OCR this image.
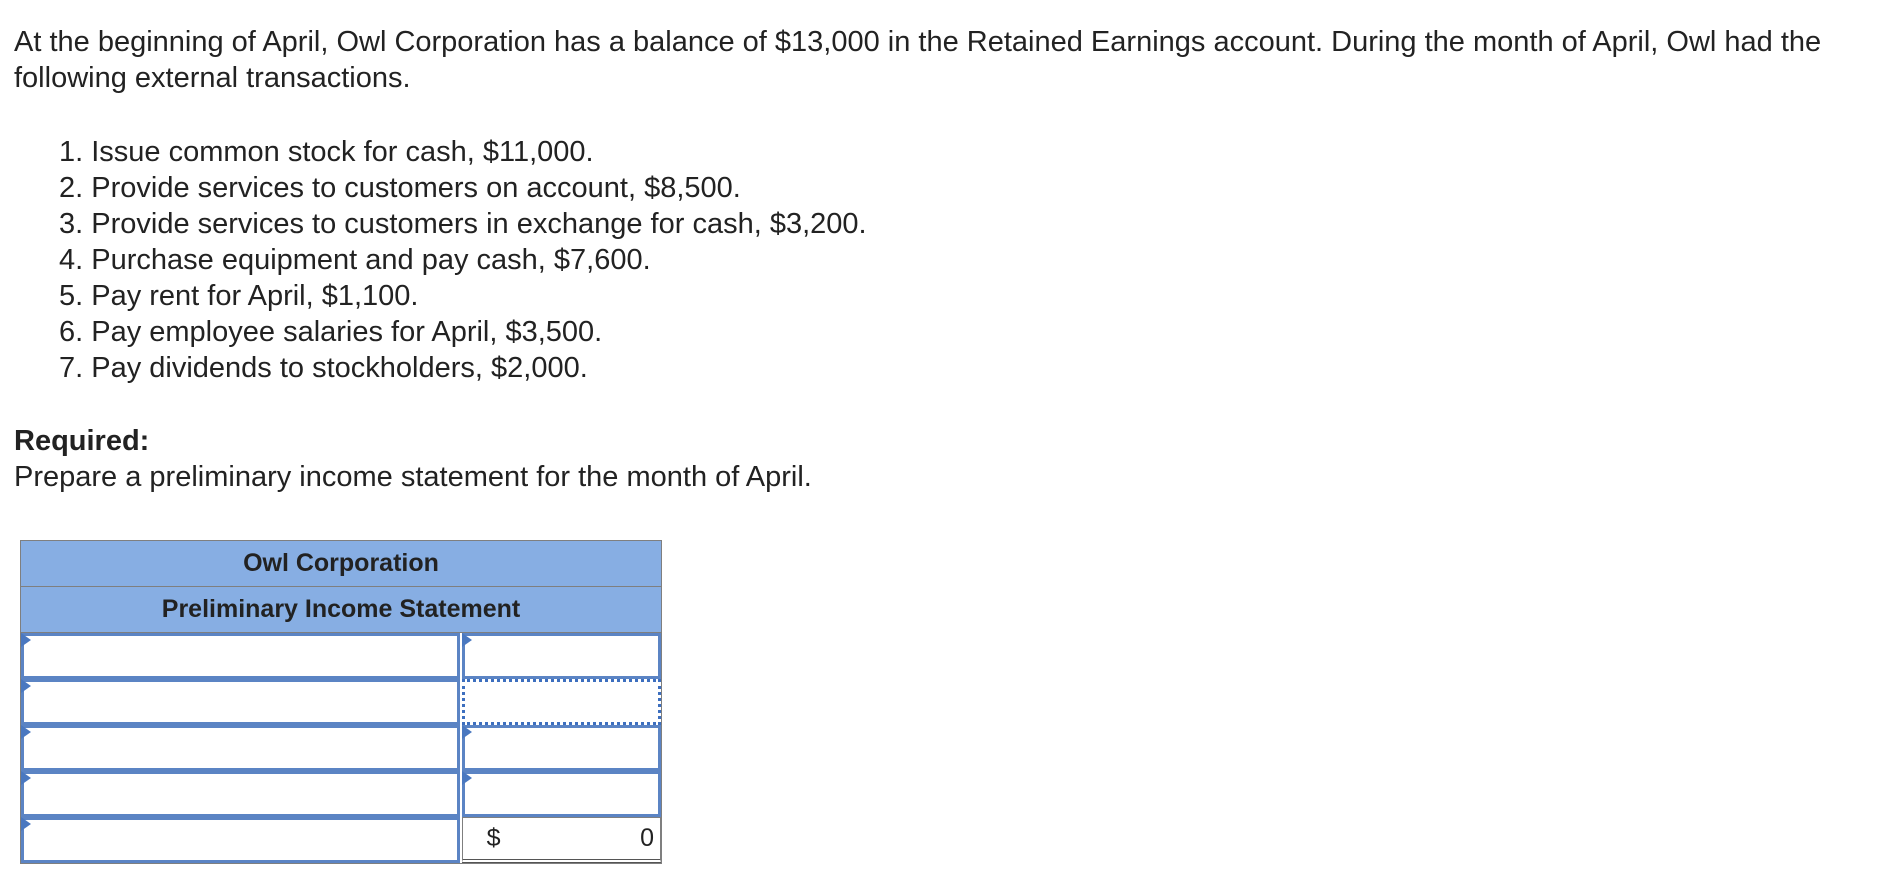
At the beginning of April, Owl Corporation has a balance of $13,000 in the Retained Earnings account. During the month of April, Owl had the following external transactions.

1. Issue common stock for cash, $11,000.
2. Provide services to customers on account, $8,500.
3. Provide services to customers in exchange for cash, $3,200.
4. Purchase equipment and pay cash, $7,600.
5. Pay rent for April, $1,100.
6. Pay employee salaries for April, $3,500.
7. Pay dividends to stockholders, $2,000.

Required:

Prepare a preliminary income statement for the month of April.

Owl Corporation
Preliminary Income Statement
$	0
